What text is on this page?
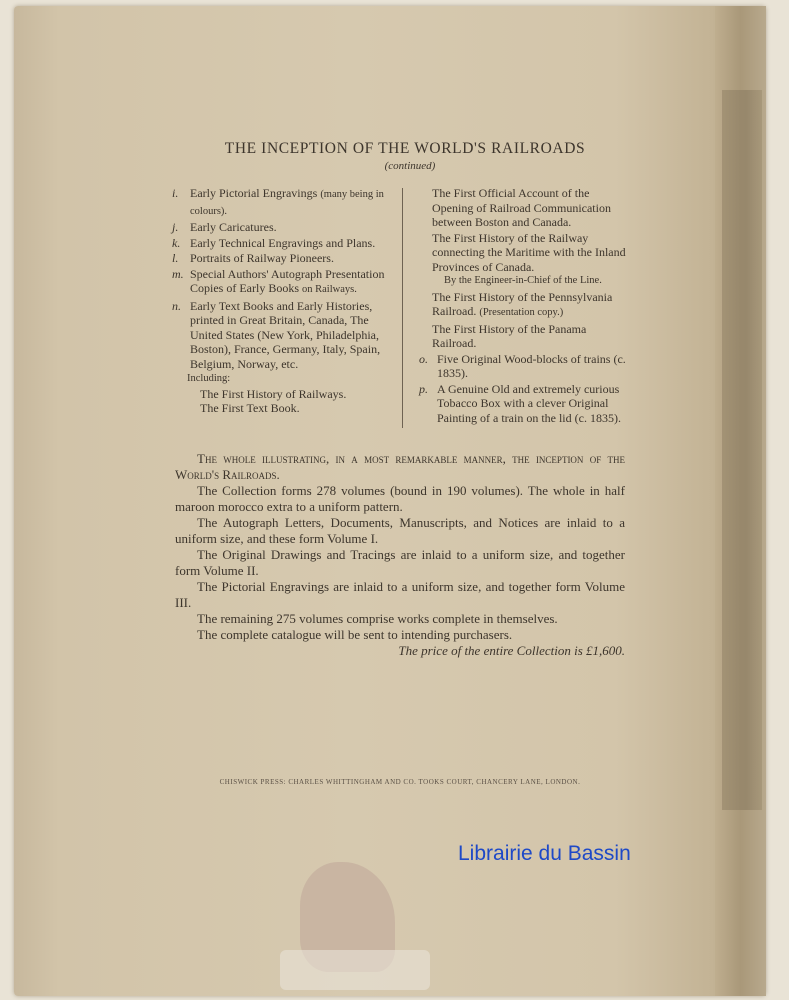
THE INCEPTION OF THE WORLD'S RAILROADS
(continued)
i. Early Pictorial Engravings (many being in colours).
j. Early Caricatures.
k. Early Technical Engravings and Plans.
l. Portraits of Railway Pioneers.
m. Special Authors' Autograph Presentation Copies of Early Books on Railways.
n. Early Text Books and Early Histories, printed in Great Britain, Canada, The United States (New York, Philadelphia, Boston), France, Germany, Italy, Spain, Belgium, Norway, etc.
Including:
The First History of Railways.
The First Text Book.
The First Official Account of the Opening of Railroad Communication between Boston and Canada.
The First History of the Railway connecting the Maritime with the Inland Provinces of Canada.
By the Engineer-in-Chief of the Line.
The First History of the Pennsylvania Railroad. (Presentation copy.)
The First History of the Panama Railroad.
o. Five Original Wood-blocks of trains (c. 1835).
p. A Genuine Old and extremely curious Tobacco Box with a clever Original Painting of a train on the lid (c. 1835).

The whole illustrating, in a most remarkable manner, the inception of the World's Railroads.

The Collection forms 278 volumes (bound in 190 volumes). The whole in half maroon morocco extra to a uniform pattern.

The Autograph Letters, Documents, Manuscripts, and Notices are inlaid to a uniform size, and these form Volume I.

The Original Drawings and Tracings are inlaid to a uniform size, and together form Volume II.

The Pictorial Engravings are inlaid to a uniform size, and together form Volume III.

The remaining 275 volumes comprise works complete in themselves.

The complete catalogue will be sent to intending purchasers.

The price of the entire Collection is £1,600.

CHISWICK PRESS: CHARLES WHITTINGHAM AND CO. TOOKS COURT, CHANCERY LANE, LONDON.
Librairie du Bassin
